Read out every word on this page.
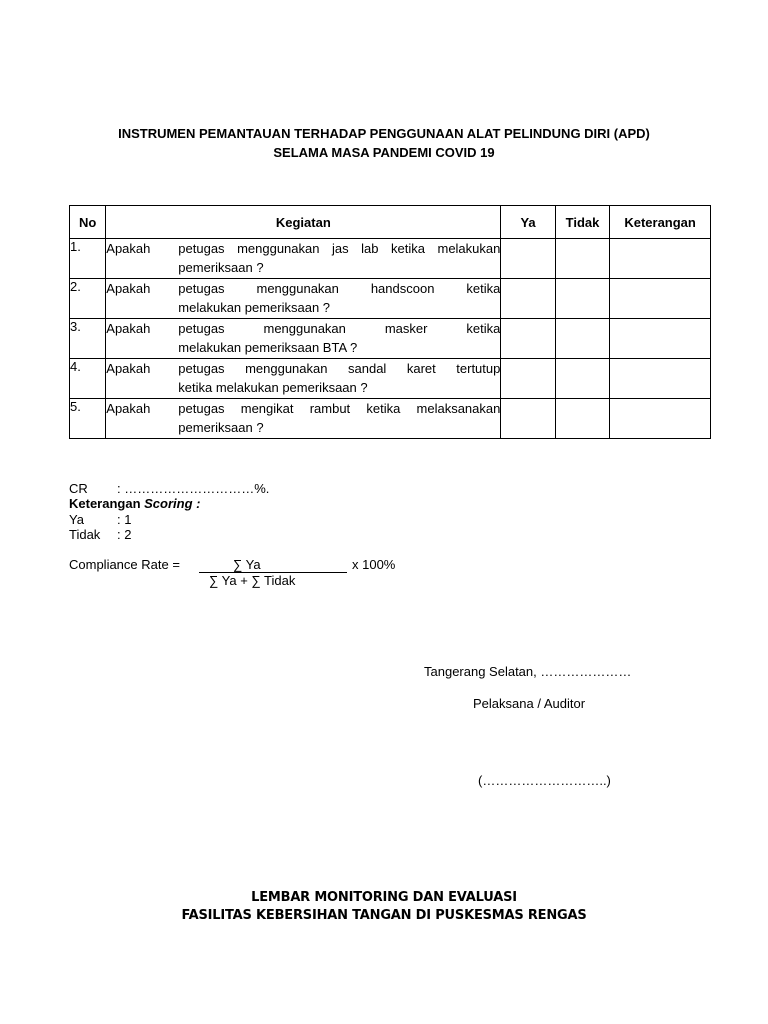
INSTRUMEN PEMANTAUAN TERHADAP PENGGUNAAN ALAT PELINDUNG DIRI (APD)
SELAMA MASA PANDEMI COVID 19
No	Kegiatan	Ya	Tidak	Keterangan
1.	Apakah petugas menggunakan jas lab ketika melakukan
pemeriksaan ?			

2.	Apakah petugas menggunakan handscoon ketika
melakukan pemeriksaan ?			

3.	Apakah petugas menggunakan masker ketika
melakukan pemeriksaan BTA ?			

4.	Apakah petugas menggunakan sandal karet tertutup
ketika melakukan pemeriksaan ?			

5.	Apakah petugas mengikat rambut ketika melaksanakan
pemeriksaan ?			

CR : …………………………%.
Keterangan Scoring :
Ya	: 1
Tidak : 2
Compliance Rate =	∑ Ya	x 100%
∑ Ya + ∑ Tidak
Tangerang Selatan, …………………
Pelaksana / Auditor
(………………………..)
LEMBAR MONITORING DAN EVALUASI
FASILITAS KEBERSIHAN TANGAN DI PUSKESMAS RENGAS
